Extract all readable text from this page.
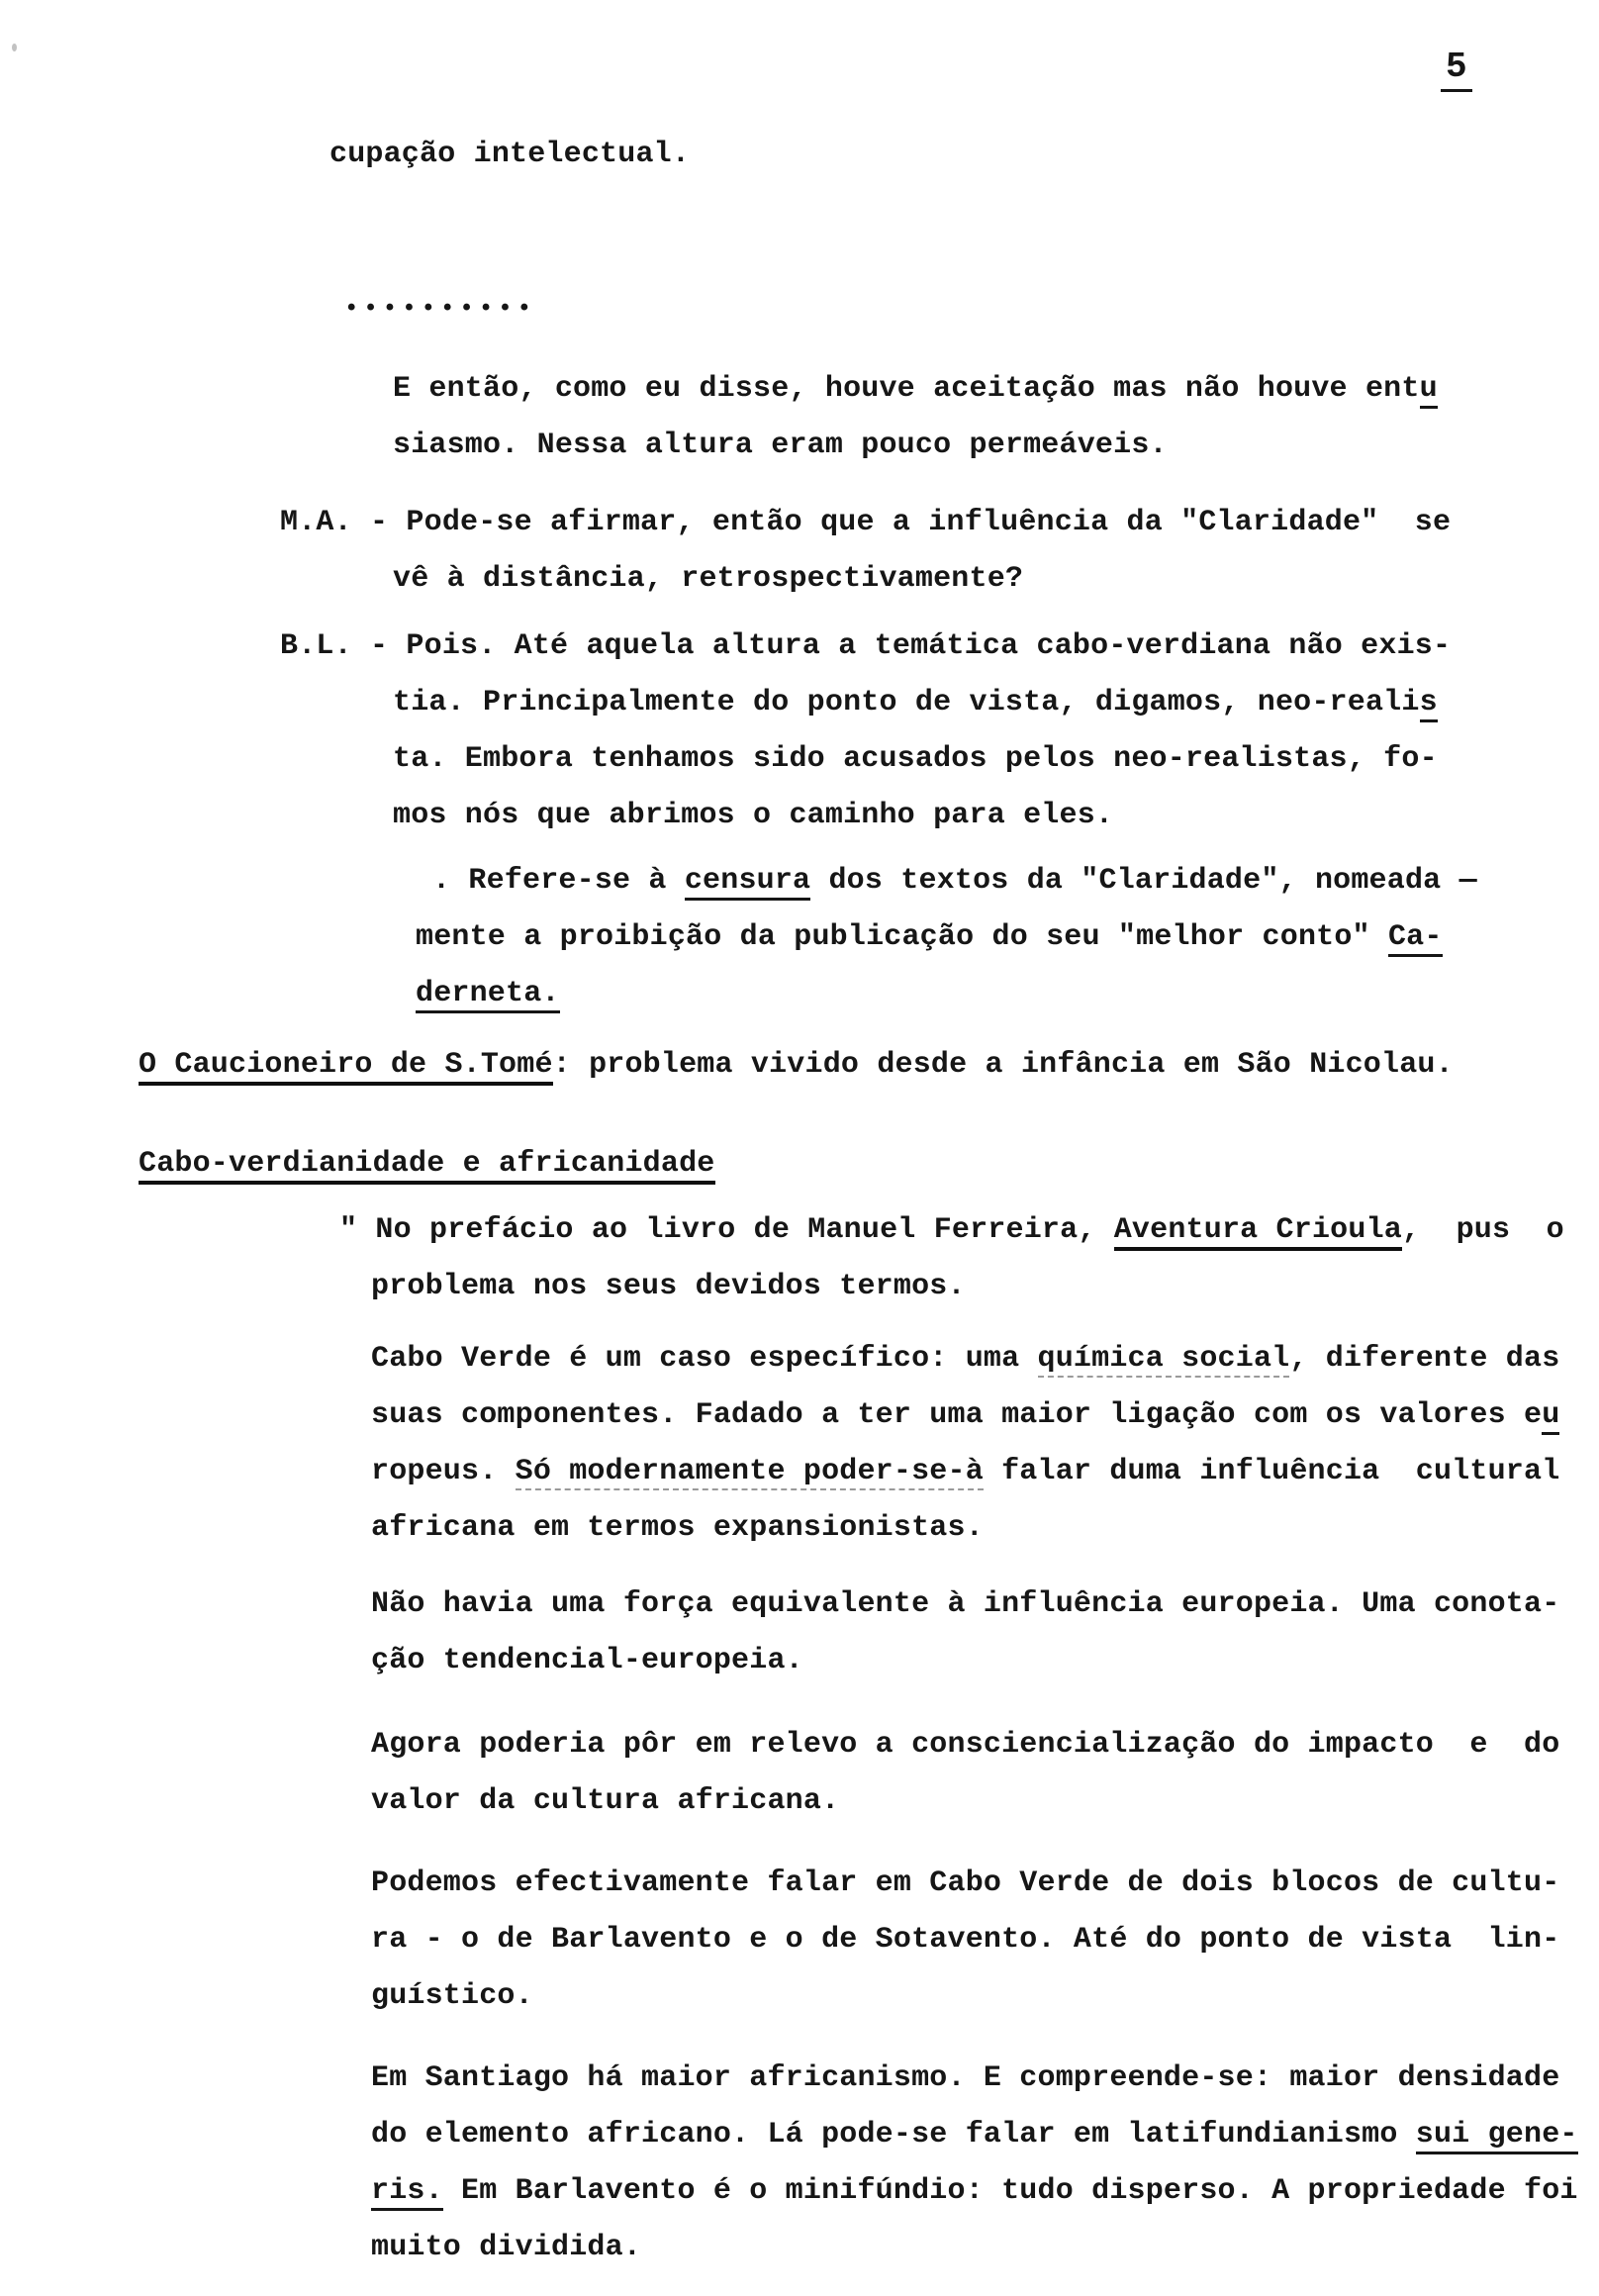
5
cupação intelectual.
••••••••••
E então, como eu disse, houve aceitação mas não houve entu
siasmo. Nessa altura eram pouco permeáveis.
M.A. - Pode-se afirmar, então que a influência da "Claridade"  se
vê à distância, retrospectivamente?
B.L. - Pois. Até aquela altura a temática cabo-verdiana não exis-
tia. Principalmente do ponto de vista, digamos, neo-realis
ta. Embora tenhamos sido acusados pelos neo-realistas, fo-
mos nós que abrimos o caminho para eles.
. Refere-se à censura dos textos da "Claridade", nomeada —
mente a proibição da publicação do seu "melhor conto" Ca-
derneta.
O Caucioneiro de S.Tomé: problema vivido desde a infância em São Nicolau.
Cabo-verdianidade e africanidade
" No prefácio ao livro de Manuel Ferreira, Aventura Crioula,  pus  o
problema nos seus devidos termos.
Cabo Verde é um caso específico: uma química social, diferente das
suas componentes. Fadado a ter uma maior ligação com os valores eu
ropeus. Só modernamente poder-se-à falar duma influência  cultural
africana em termos expansionistas.
Não havia uma força equivalente à influência europeia. Uma conota-
ção tendencial-europeia.
Agora poderia pôr em relevo a consciencialização do impacto  e  do
valor da cultura africana.
Podemos efectivamente falar em Cabo Verde de dois blocos de cultu-
ra - o de Barlavento e o de Sotavento. Até do ponto de vista  lin-
guístico.
Em Santiago há maior africanismo. E compreende-se: maior densidade
do elemento africano. Lá pode-se falar em latifundianismo sui gene-
ris. Em Barlavento é o minifúndio: tudo disperso. A propriedade foi
muito dividida.
